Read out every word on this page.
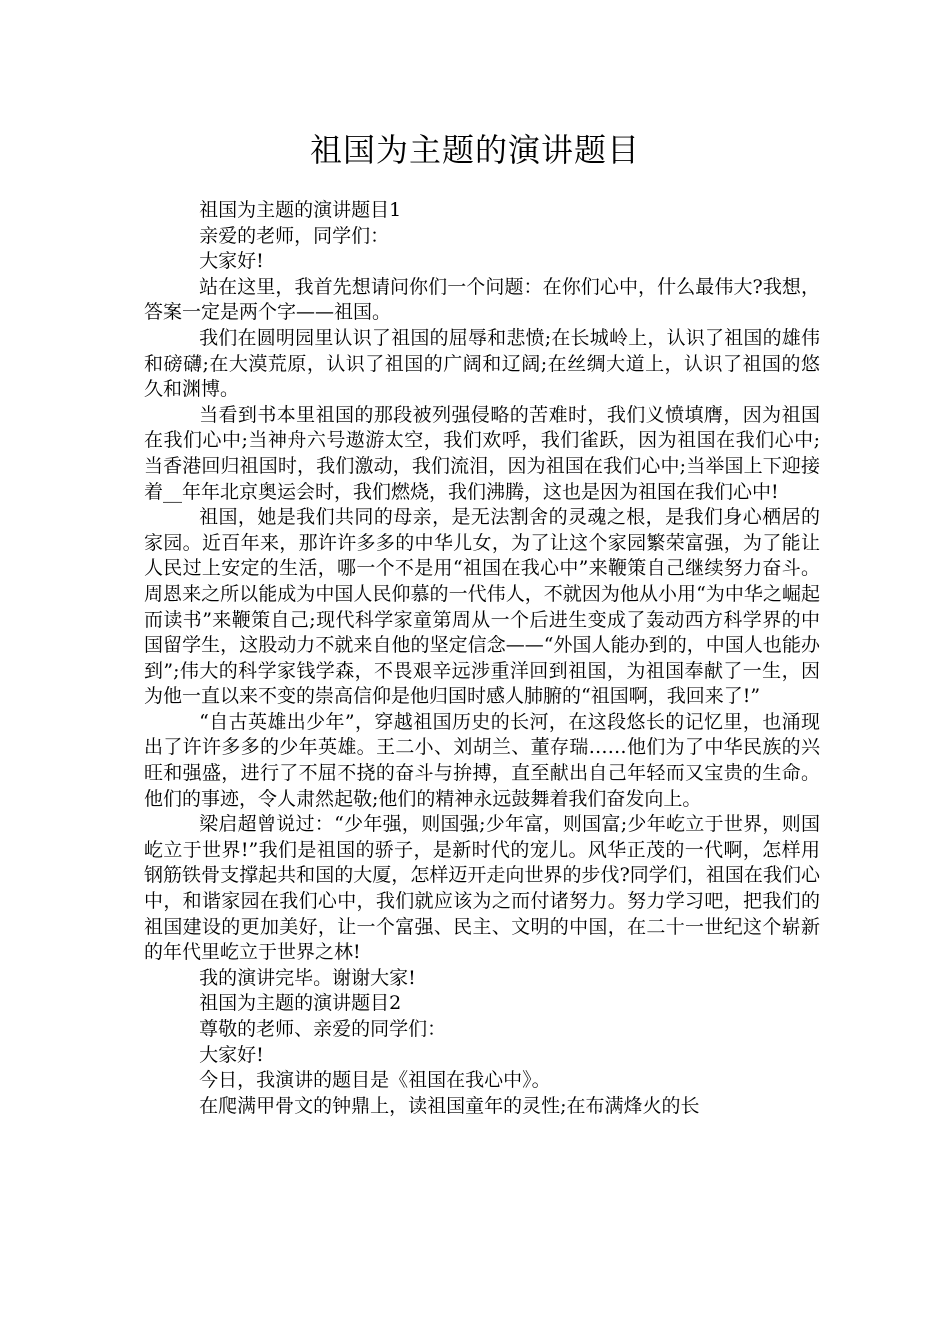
祖国为主题的演讲题目

祖国为主题的演讲题目1

亲爱的老师，同学们：

大家好!

站在这里，我首先想请问你们一个问题：在你们心中，什么最伟大?我想，答案一定是两个字——祖国。

我们在圆明园里认识了祖国的屈辱和悲愤;在长城岭上，认识了祖国的雄伟和磅礴;在大漠荒原，认识了祖国的广阔和辽阔;在丝绸大道上，认识了祖国的悠久和渊博。

当看到书本里祖国的那段被列强侵略的苦难时，我们义愤填膺，因为祖国在我们心中;当神舟六号遨游太空，我们欢呼，我们雀跃，因为祖国在我们心中;当香港回归祖国时，我们激动，我们流泪，因为祖国在我们心中;当举国上下迎接着__年年北京奥运会时，我们燃烧，我们沸腾，这也是因为祖国在我们心中!

祖国，她是我们共同的母亲，是无法割舍的灵魂之根，是我们身心栖居的家园。近百年来，那许许多多的中华儿女，为了让这个家园繁荣富强，为了能让人民过上安定的生活，哪一个不是用“祖国在我心中”来鞭策自己继续努力奋斗。周恩来之所以能成为中国人民仰慕的一代伟人，不就因为他从小用“为中华之崛起而读书”来鞭策自己;现代科学家童第周从一个后进生变成了轰动西方科学界的中国留学生，这股动力不就来自他的坚定信念——“外国人能办到的，中国人也能办到”;伟大的科学家钱学森，不畏艰辛远涉重洋回到祖国，为祖国奉献了一生，因为他一直以来不变的崇高信仰是他归国时感人肺腑的“祖国啊，我回来了!”

“自古英雄出少年”，穿越祖国历史的长河，在这段悠长的记忆里，也涌现出了许许多多的少年英雄。王二小、刘胡兰、董存瑞……他们为了中华民族的兴旺和强盛，进行了不屈不挠的奋斗与拚搏，直至献出自己年轻而又宝贵的生命。他们的事迹，令人肃然起敬;他们的精神永远鼓舞着我们奋发向上。

梁启超曾说过：“少年强，则国强;少年富，则国富;少年屹立于世界，则国屹立于世界!”我们是祖国的骄子，是新时代的宠儿。风华正茂的一代啊，怎样用钢筋铁骨支撑起共和国的大厦，怎样迈开走向世界的步伐?同学们，祖国在我们心中，和谐家园在我们心中，我们就应该为之而付诸努力。努力学习吧，把我们的祖国建设的更加美好，让一个富强、民主、文明的中国，在二十一世纪这个崭新的年代里屹立于世界之林!

我的演讲完毕。谢谢大家!

祖国为主题的演讲题目2

尊敬的老师、亲爱的同学们：

大家好!

今日，我演讲的题目是《祖国在我心中》。

在爬满甲骨文的钟鼎上，读祖国童年的灵性;在布满烽火的长
